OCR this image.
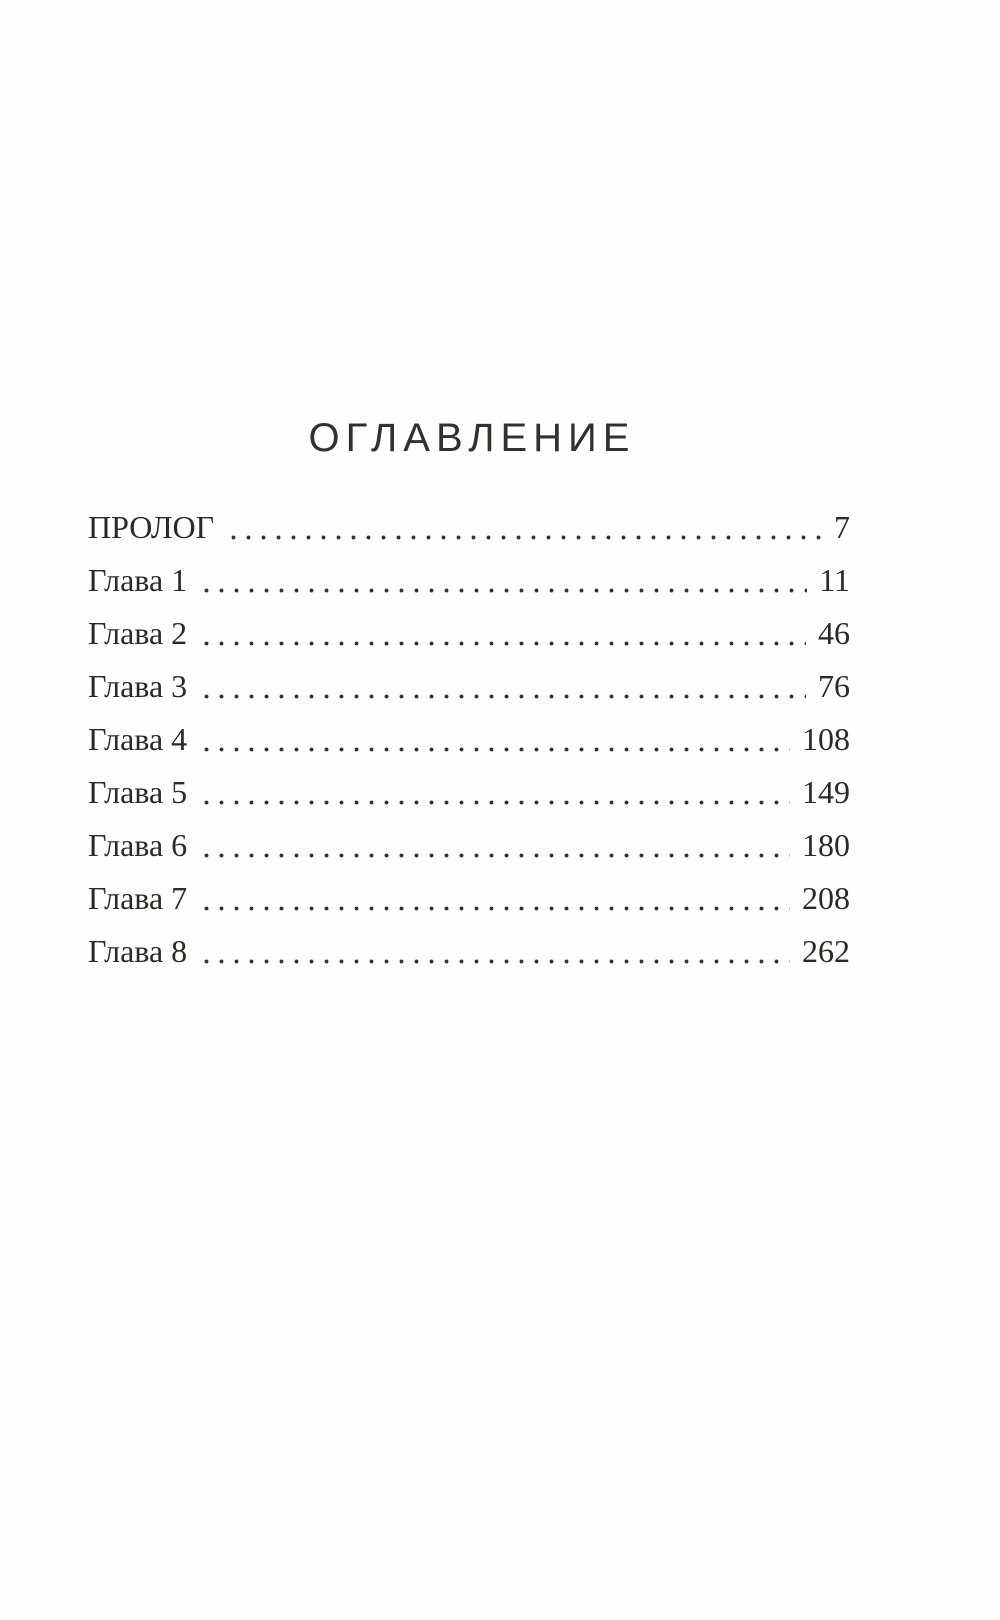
ОГЛАВЛЕНИЕ
ПРОЛОГ	7
Глава 1	11
Глава 2	46
Глава 3	76
Глава 4	108
Глава 5	149
Глава 6	180
Глава 7	208
Глава 8	262
